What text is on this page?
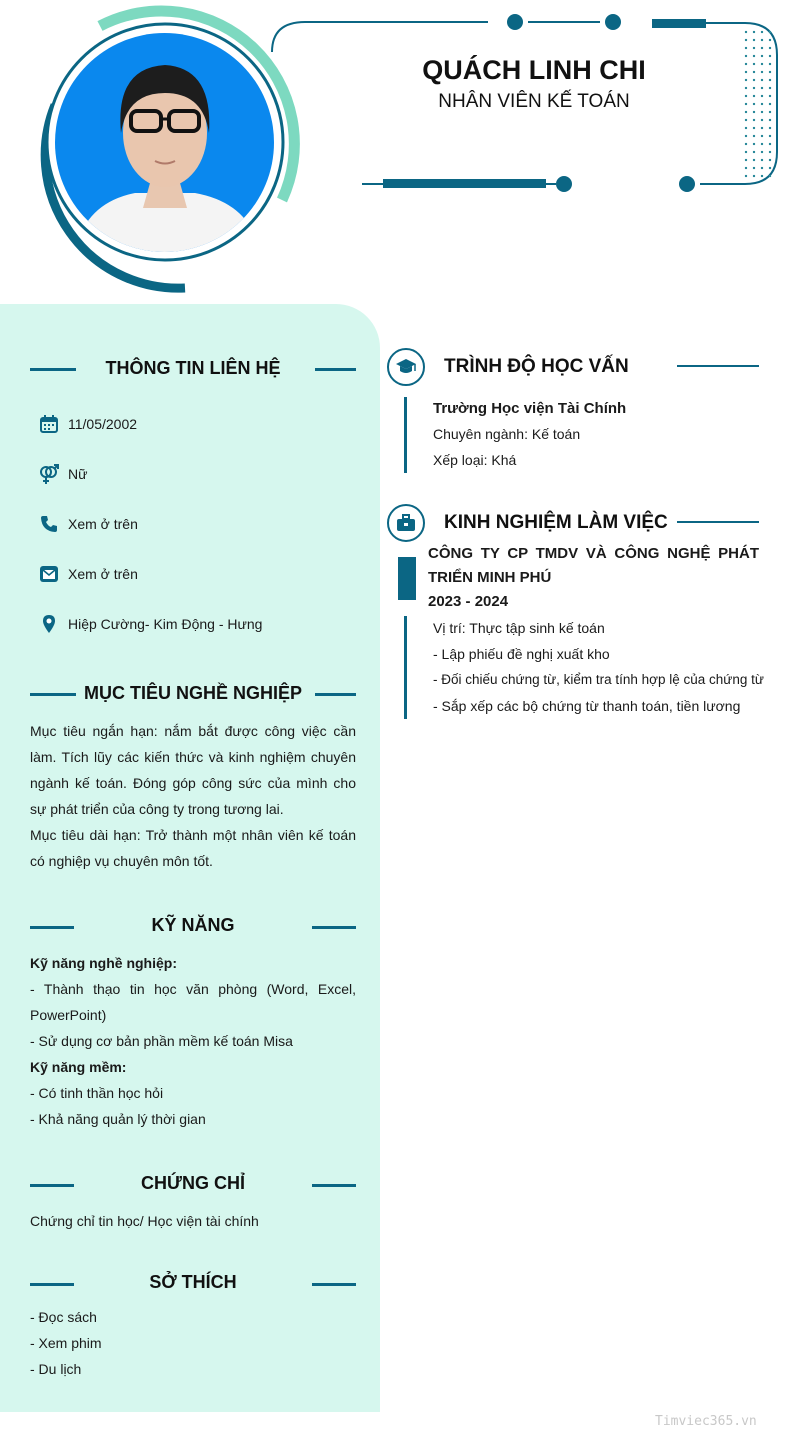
QUÁCH LINH CHI
NHÂN VIÊN KẾ TOÁN
THÔNG TIN LIÊN HỆ
11/05/2002
Nữ
Xem ở trên
Xem ở trên
Hiệp Cường- Kim Động - Hưng
MỤC TIÊU NGHỀ NGHIỆP

Mục tiêu ngắn hạn: nắm bắt được công việc cần làm. Tích lũy các kiến thức và kinh nghiệm chuyên ngành kế toán. Đóng góp công sức của mình cho sự phát triển của công ty trong tương lai.

Mục tiêu dài hạn: Trở thành một nhân viên kế toán có nghiệp vụ chuyên môn tốt.

KỸ NĂNG

Kỹ năng nghề nghiệp:

- Thành thạo tin học văn phòng (Word, Excel, PowerPoint)

- Sử dụng cơ bản phần mềm kế toán Misa

Kỹ năng mềm:

- Có tinh thần học hỏi

- Khả năng quản lý thời gian

CHỨNG CHỈ

Chứng chỉ tin học/ Học viện tài chính

SỞ THÍCH

- Đọc sách

- Xem phim

- Du lịch

TRÌNH ĐỘ HỌC VẤN
Trường Học viện Tài Chính
Chuyên ngành: Kế toán
Xếp loại: Khá
KINH NGHIỆM LÀM VIỆC
CÔNG TY CP TMDV VÀ CÔNG NGHỆ PHÁT TRIỂN MINH PHÚ
2023 - 2024
Vị trí: Thực tập sinh kế toán
- Lập phiếu đề nghị xuất kho
- Đối chiếu chứng từ, kiểm tra tính hợp lệ của chứng từ
- Sắp xếp các bộ chứng từ thanh toán, tiền lương
Timviec365.vn
